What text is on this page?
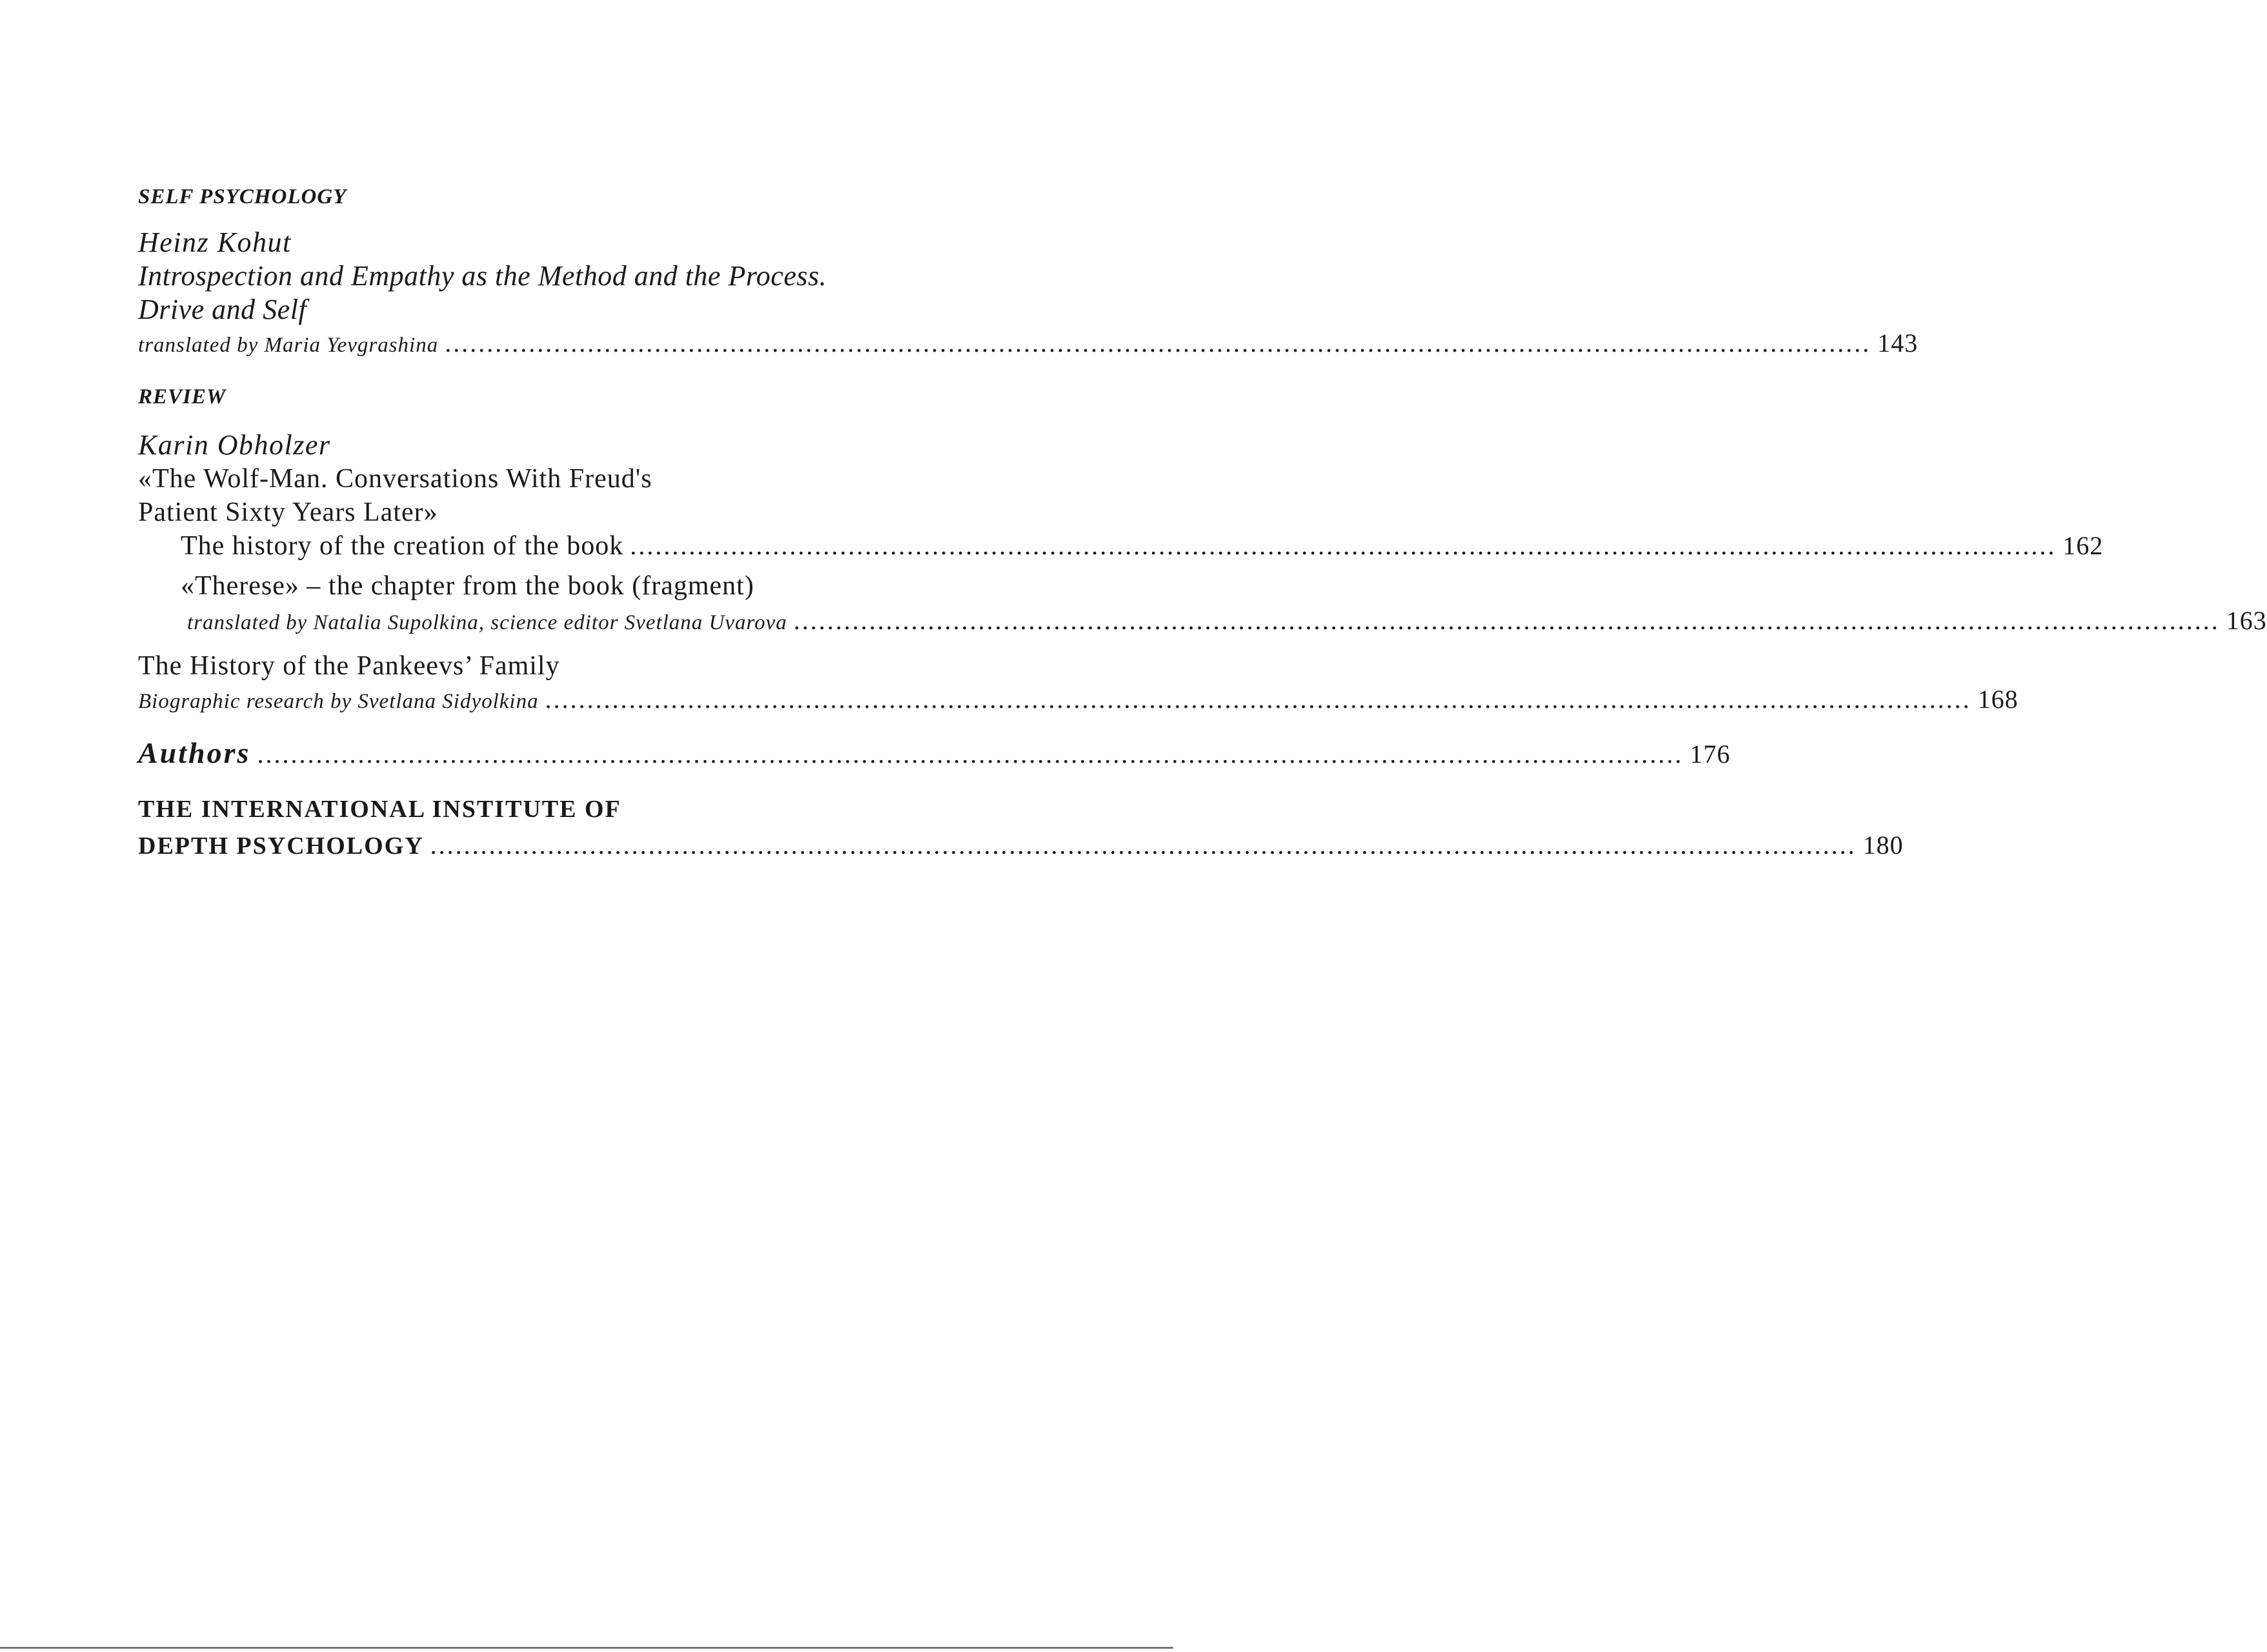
SELF PSYCHOLOGY
Heinz Kohut
Introspection and Empathy as the Method and the Process.
Drive and Self
translated by Maria Yevgrashina .......................................................................................................................................................................... 143
REVIEW
Karin Obholzer
«The Wolf-Man. Conversations With Freud's
Patient Sixty Years Later»
The history of the creation of the book .......................................................................................................................................................................... 162
«Therese» – the chapter from the book (fragment)
translated by Natalia Supolkina, science editor Svetlana Uvarova .......................................................................................................................................................................... 163
The History of the Pankeevs’ Family
Biographic research by Svetlana Sidyolkina .......................................................................................................................................................................... 168
Authors .......................................................................................................................................................................... 176
THE INTERNATIONAL INSTITUTE OF
DEPTH PSYCHOLOGY .......................................................................................................................................................................... 180
